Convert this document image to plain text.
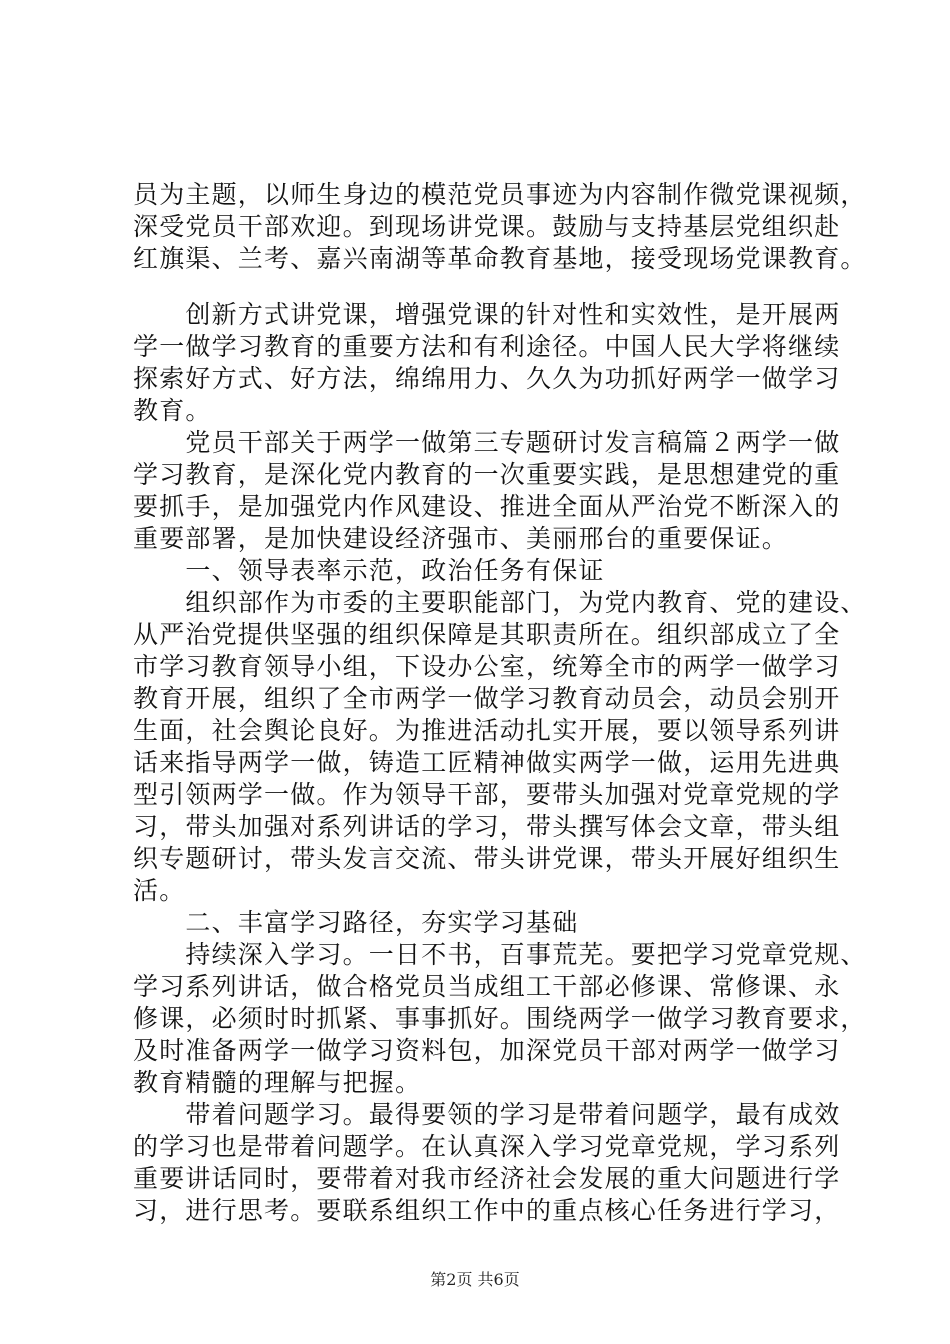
员为主题，以师生身边的模范党员事迹为内容制作微党课视频，
深受党员干部欢迎。到现场讲党课。鼓励与支持基层党组织赴
红旗渠、兰考、嘉兴南湖等革命教育基地，接受现场党课教育。
　　创新方式讲党课，增强党课的针对性和实效性，是开展两
学一做学习教育的重要方法和有利途径。中国人民大学将继续
探索好方式、好方法，绵绵用力、久久为功抓好两学一做学习
教育。
　　党员干部关于两学一做第三专题研讨发言稿篇２两学一做
学习教育，是深化党内教育的一次重要实践，是思想建党的重
要抓手，是加强党内作风建设、推进全面从严治党不断深入的
重要部署，是加快建设经济强市、美丽邢台的重要保证。
　　一、领导表率示范，政治任务有保证
　　组织部作为市委的主要职能部门，为党内教育、党的建设、
从严治党提供坚强的组织保障是其职责所在。组织部成立了全
市学习教育领导小组，下设办公室，统筹全市的两学一做学习
教育开展，组织了全市两学一做学习教育动员会，动员会别开
生面，社会舆论良好。为推进活动扎实开展，要以领导系列讲
话来指导两学一做，铸造工匠精神做实两学一做，运用先进典
型引领两学一做。作为领导干部，要带头加强对党章党规的学
习，带头加强对系列讲话的学习，带头撰写体会文章，带头组
织专题研讨，带头发言交流、带头讲党课，带头开展好组织生
活。
　　二、丰富学习路径，夯实学习基础
　　持续深入学习。一日不书，百事荒芜。要把学习党章党规、
学习系列讲话，做合格党员当成组工干部必修课、常修课、永
修课，必须时时抓紧、事事抓好。围绕两学一做学习教育要求，
及时准备两学一做学习资料包，加深党员干部对两学一做学习
教育精髓的理解与把握。
　　带着问题学习。最得要领的学习是带着问题学，最有成效
的学习也是带着问题学。在认真深入学习党章党规，学习系列
重要讲话同时，要带着对我市经济社会发展的重大问题进行学
习，进行思考。要联系组织工作中的重点核心任务进行学习，
第2页 共6页
